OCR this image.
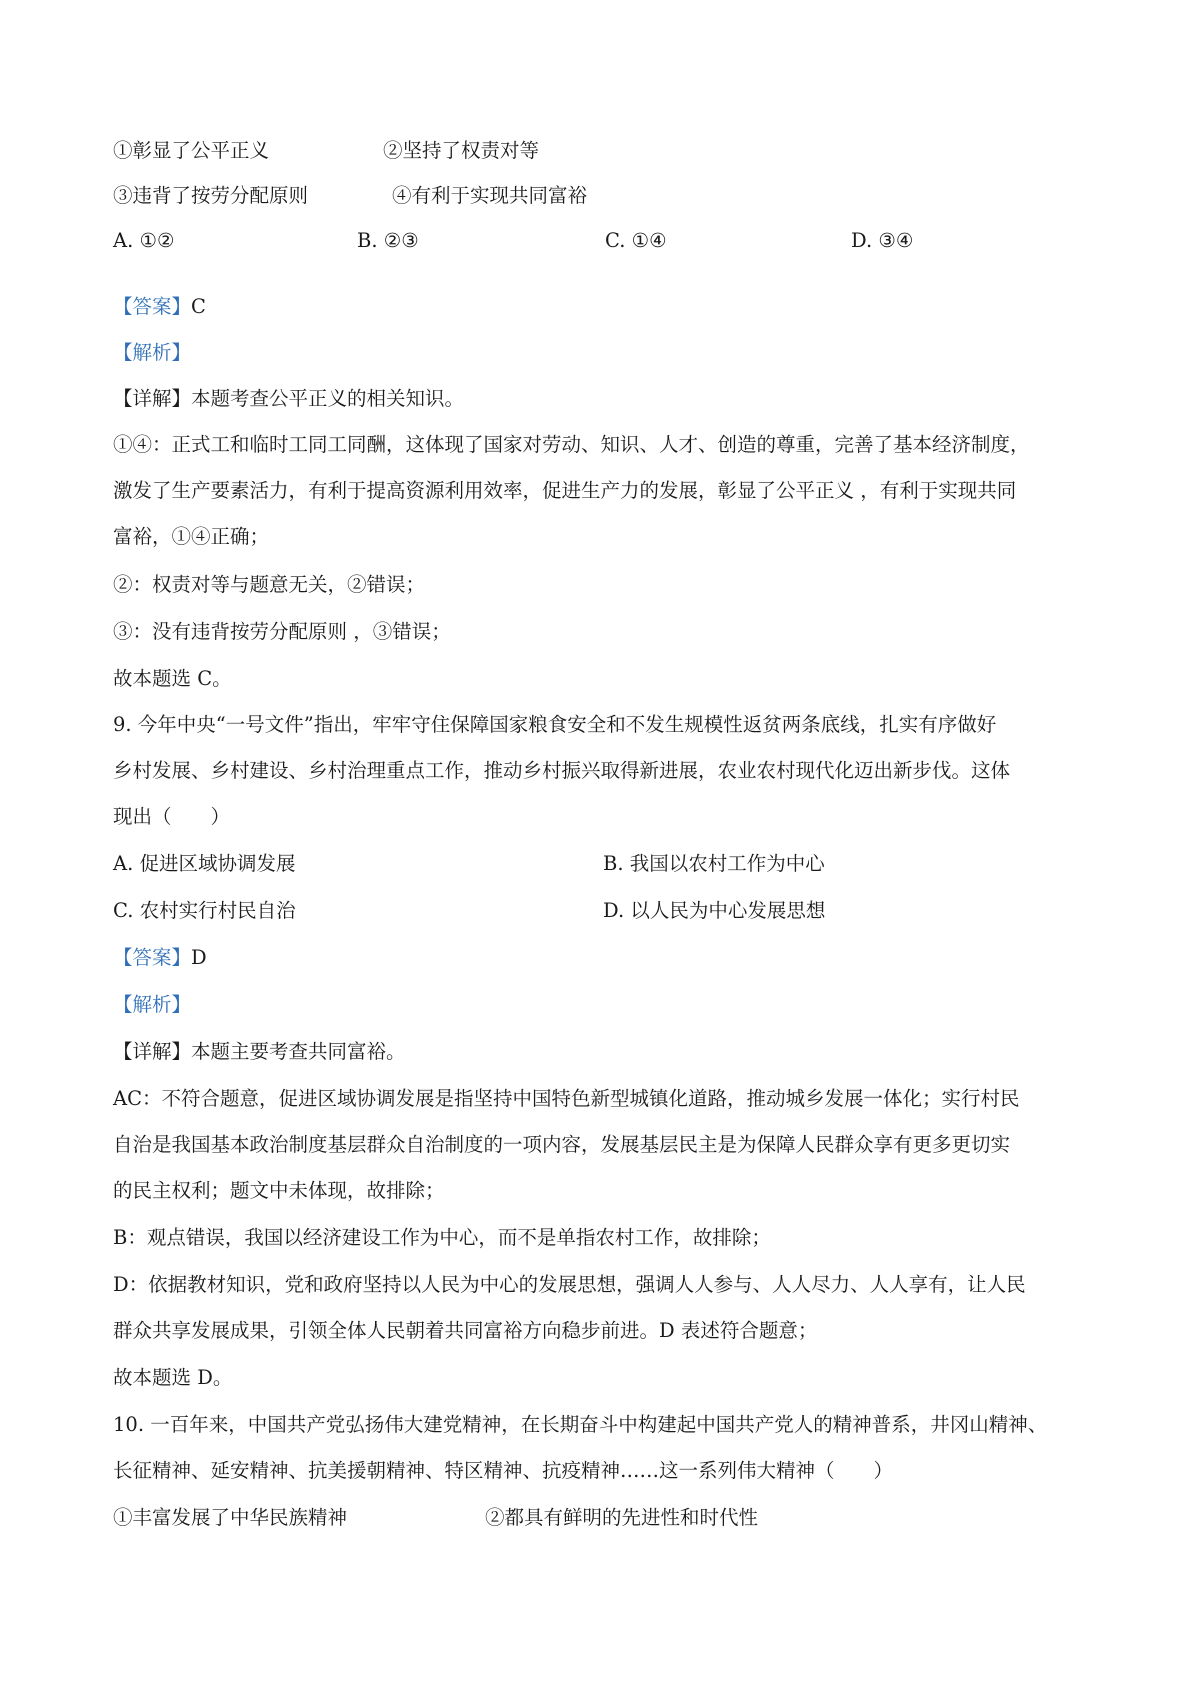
①彰显了公平正义	②坚持了权责对等
③违背了按劳分配原则	④有利于实现共同富裕
A. ①②	B. ②③	C. ①④	D. ③④
【答案】C
【解析】
【详解】本题考查公平正义的相关知识。
①④：正式工和临时工同工同酬，这体现了国家对劳动、知识、人才、创造的尊重，完善了基本经济制度，
激发了生产要素活力，有利于提高资源利用效率，促进生产力的发展，彰显了公平正义 ，有利于实现共同
富裕，①④正确；
②：权责对等与题意无关，②错误；
③：没有违背按劳分配原则 ，③错误；
故本题选 C。
9. 今年中央“一号文件”指出，牢牢守住保障国家粮食安全和不发生规模性返贫两条底线，扎实有序做好
乡村发展、乡村建设、乡村治理重点工作，推动乡村振兴取得新进展，农业农村现代化迈出新步伐。这体
现出（　　）
A. 促进区域协调发展	B. 我国以农村工作为中心
C. 农村实行村民自治	D. 以人民为中心发展思想
【答案】D
【解析】
【详解】本题主要考查共同富裕。
AC：不符合题意，促进区域协调发展是指坚持中国特色新型城镇化道路，推动城乡发展一体化；实行村民
自治是我国基本政治制度基层群众自治制度的一项内容，发展基层民主是为保障人民群众享有更多更切实
的民主权利；题文中未体现，故排除；
B：观点错误，我国以经济建设工作为中心，而不是单指农村工作，故排除；
D：依据教材知识，党和政府坚持以人民为中心的发展思想，强调人人参与、人人尽力、人人享有，让人民
群众共享发展成果，引领全体人民朝着共同富裕方向稳步前进。D 表述符合题意；
故本题选 D。
10. 一百年来，中国共产党弘扬伟大建党精神，在长期奋斗中构建起中国共产党人的精神普系，井冈山精神、
长征精神、延安精神、抗美援朝精神、特区精神、抗疫精神……这一系列伟大精神（　　）
①丰富发展了中华民族精神	②都具有鲜明的先进性和时代性
